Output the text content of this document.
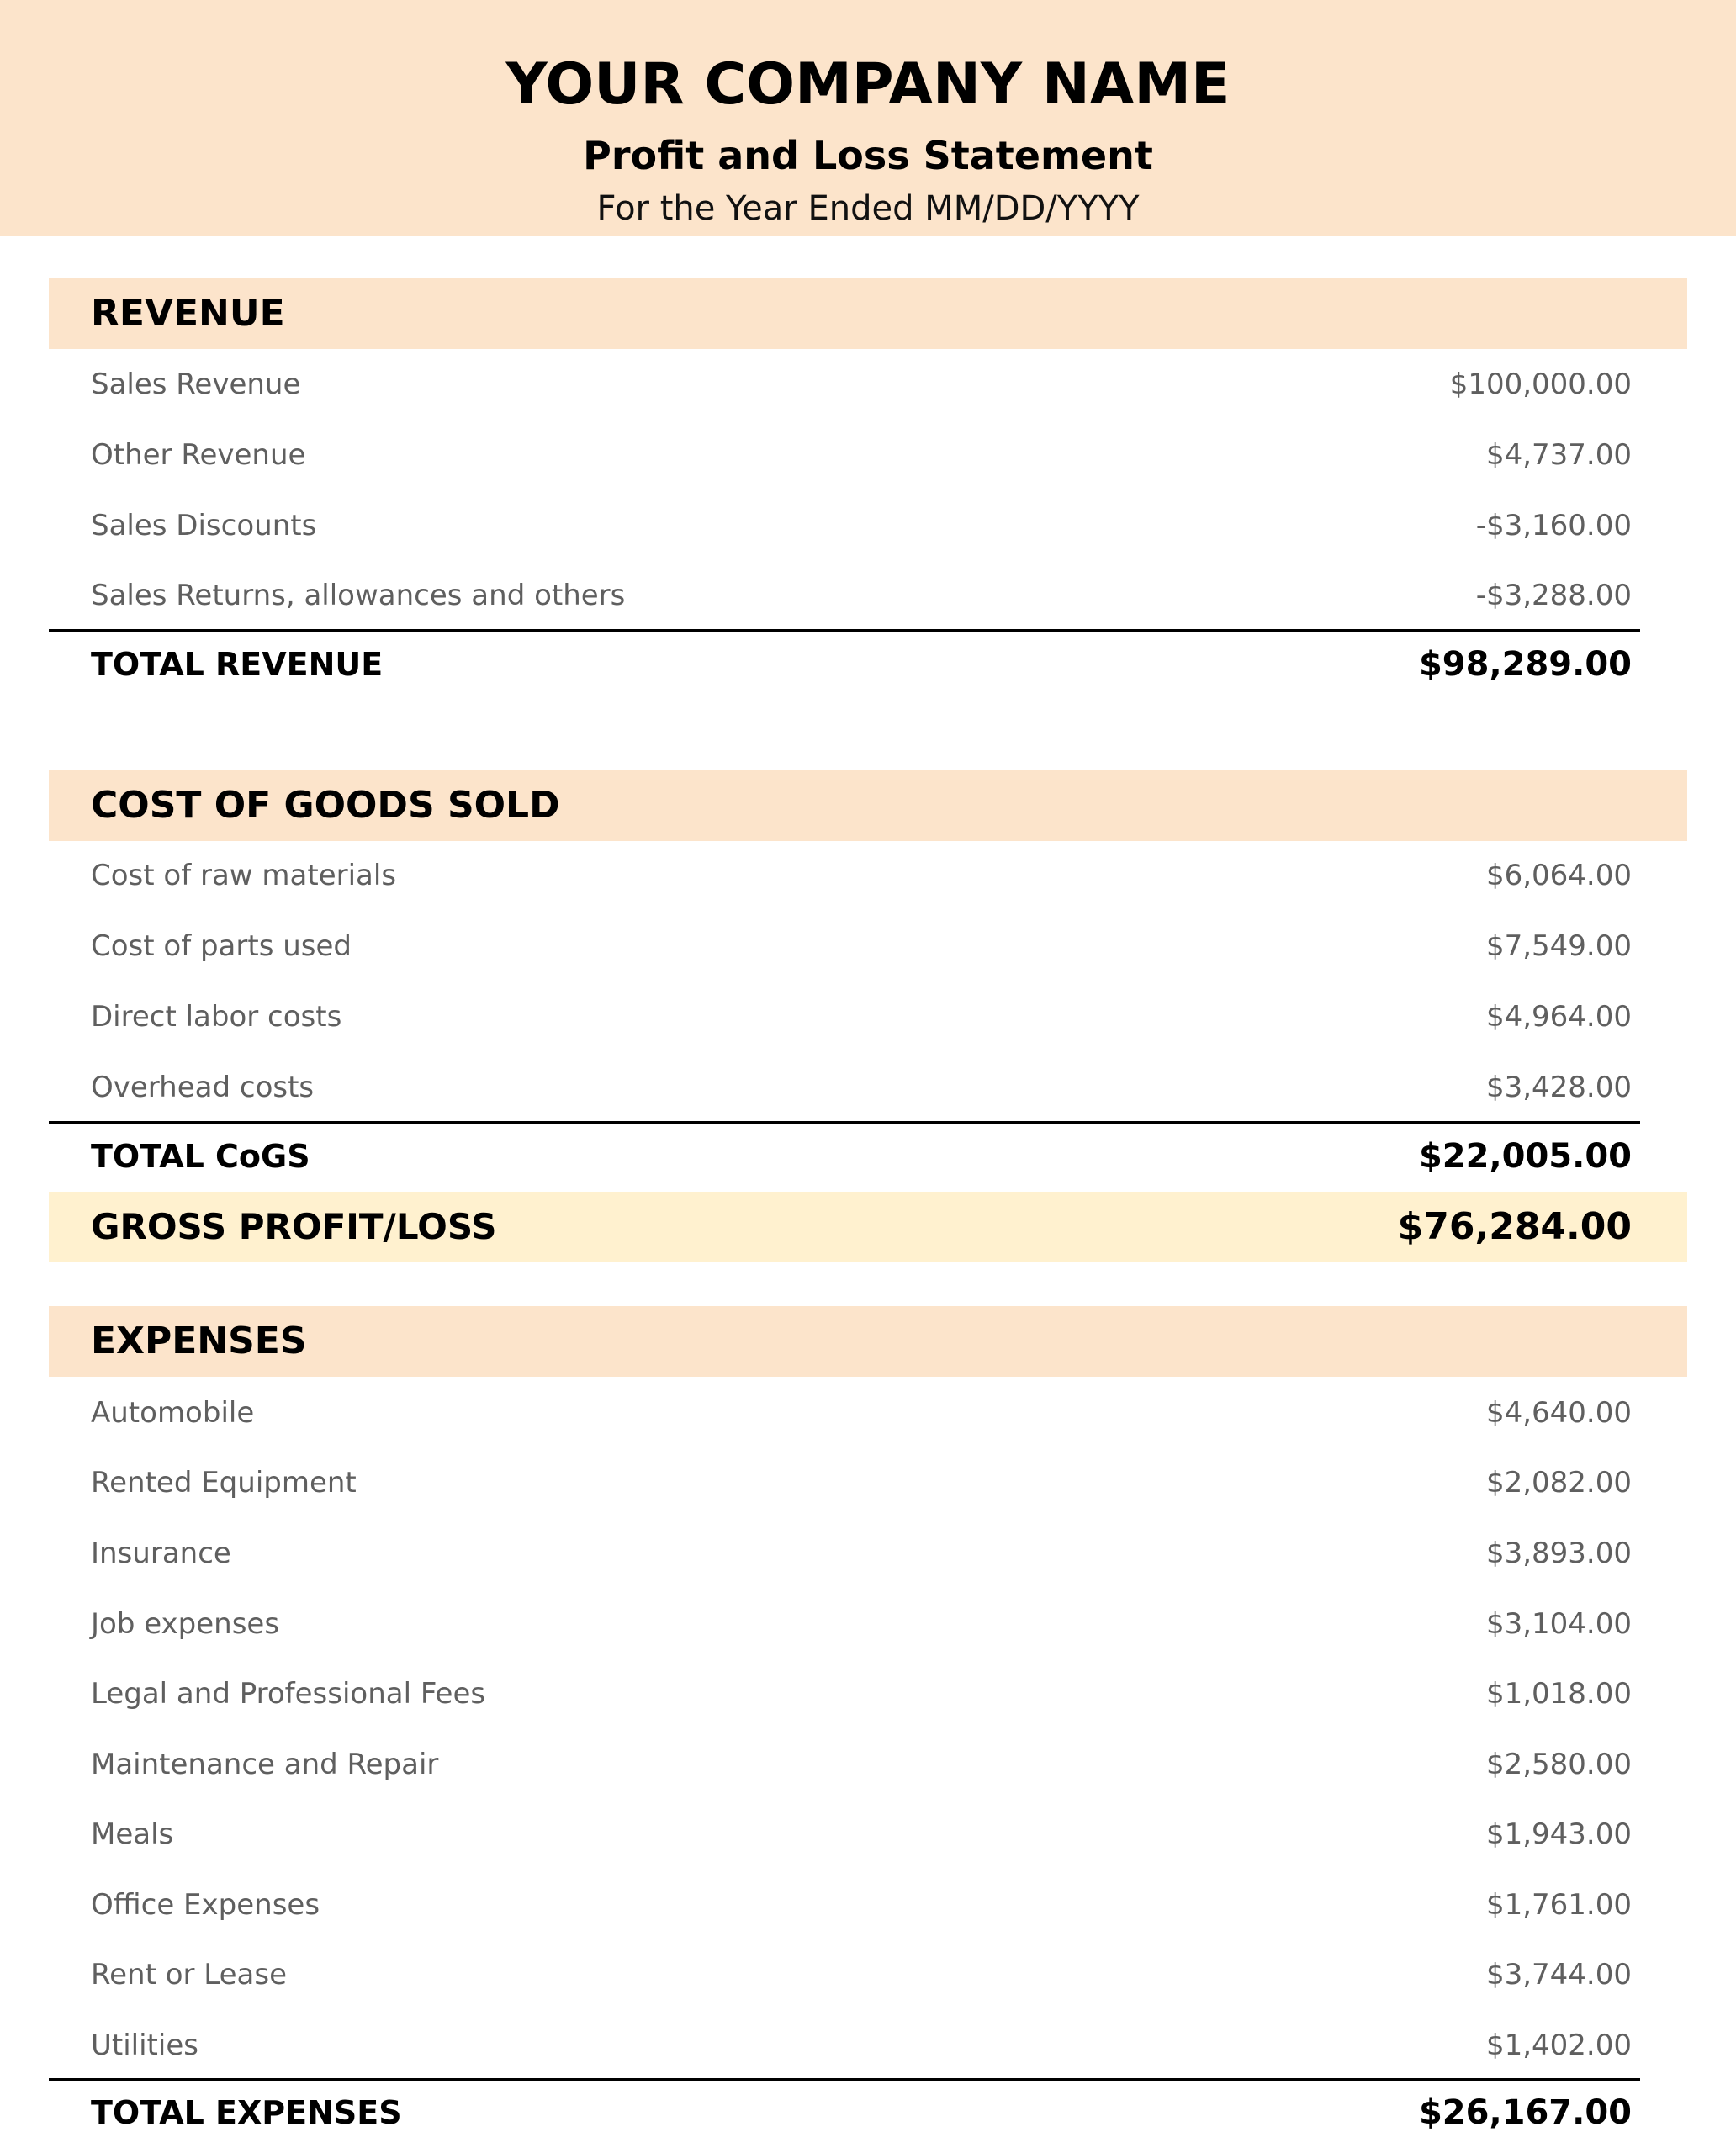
YOUR COMPANY NAME
Profit and Loss Statement
For the Year Ended MM/DD/YYYY
REVENUE
Sales Revenue	$100,000.00
Other Revenue	$4,737.00
Sales Discounts	-$3,160.00
Sales Returns, allowances and others	-$3,288.00
TOTAL REVENUE	$98,289.00
COST OF GOODS SOLD
Cost of raw materials	$6,064.00
Cost of parts used	$7,549.00
Direct labor costs	$4,964.00
Overhead costs	$3,428.00
TOTAL CoGS	$22,005.00
GROSS PROFIT/LOSS	$76,284.00
EXPENSES
Automobile	$4,640.00
Rented Equipment	$2,082.00
Insurance	$3,893.00
Job expenses	$3,104.00
Legal and Professional Fees	$1,018.00
Maintenance and Repair	$2,580.00
Meals	$1,943.00
Office Expenses	$1,761.00
Rent or Lease	$3,744.00
Utilities	$1,402.00
TOTAL EXPENSES	$26,167.00
